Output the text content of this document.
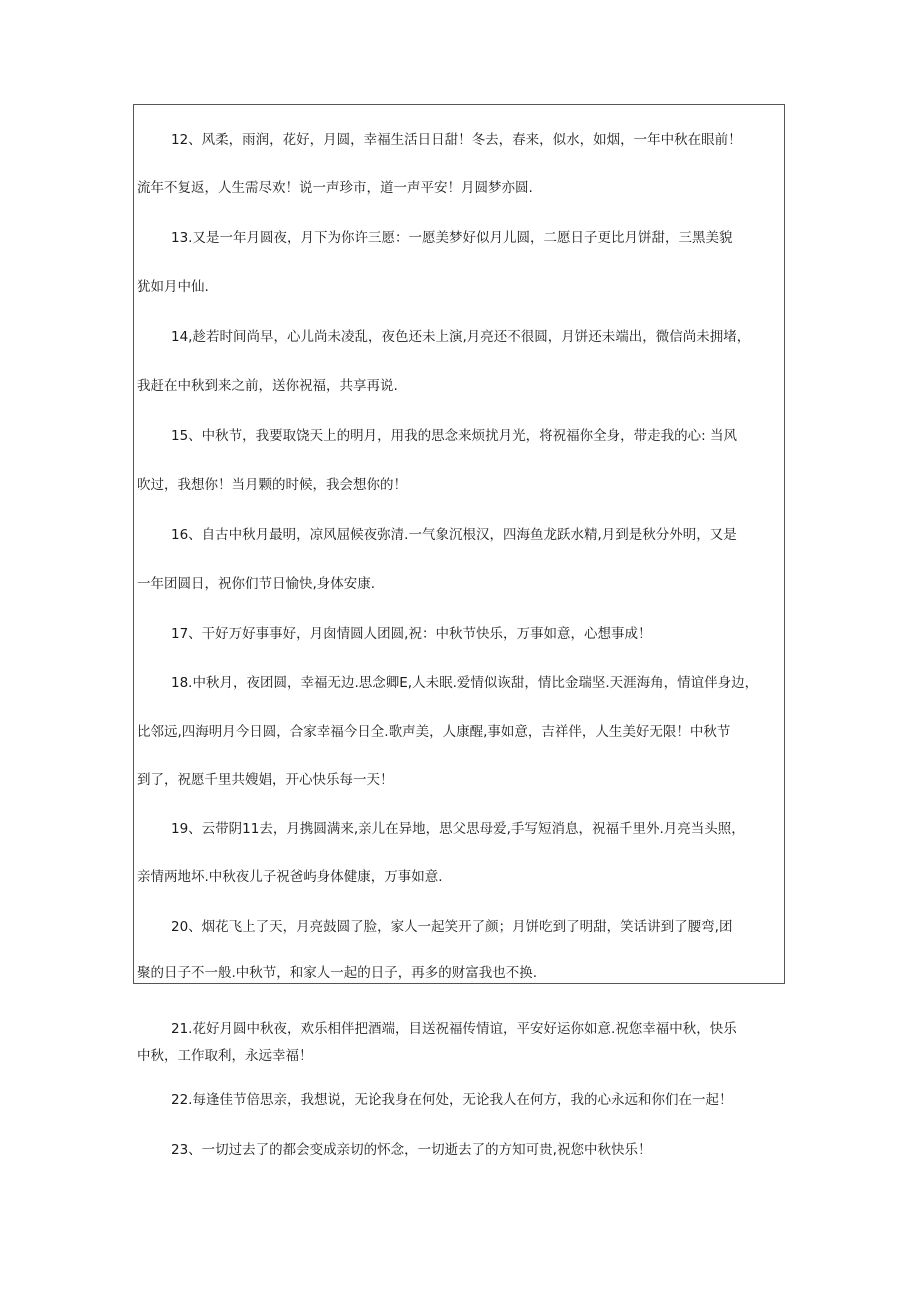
12、风柔，雨润，花好，月圆，幸福生活日日甜！冬去，春来，似水，如烟，一年中秋在眼前！
流年不复返，人生需尽欢！说一声珍市，道一声平安！月圆梦亦圆.
13.又是一年月圆夜，月下为你许三愿：一愿美梦好似月儿圆，二愿日子更比月饼甜，三黑美貌
犹如月中仙.
14,趁若时间尚早，心儿尚未凌乱，夜色还未上演,月亮还不很圆，月饼还未端出，微信尚未拥堵，
我赶在中秋到来之前，送你祝福，共享再说.
15、中秋节，我要取饶天上的明月，用我的思念来烦扰月光，将祝福你全身，带走我的心: 当风
吹过，我想你！当月颗的时候，我会想你的！
16、自古中秋月最明，凉风屈候夜弥清.一气象沉根汉，四海鱼龙跃水精,月到是秋分外明，又是
一年团圆日，祝你们节日愉快,身体安康.
17、干好万好事事好，月囱情圆人团圆,祝：中秋节快乐，万事如意，心想事成！
18.中秋月，夜团圆，幸福无边.思念卿E,人未眠.爱情似诙甜，情比金瑞坚.天涯海角，情谊伴身边，
比邻远,四海明月今日圆，合家幸福今日全.歌声美，人康醒,事如意，吉祥伴，人生美好无限！中秋节
到了，祝愿千里共嫂娼，开心快乐每一天！
19、云带阴11去，月携圆满来,亲儿在异地，思父思母爱,手写短消息，祝福千里外.月亮当头照，
亲情两地坏.中秋夜儿子祝爸屿身体健康，万事如意.
20、烟花飞上了天，月亮鼓圆了脸，家人一起笑开了颜；月饼吃到了明甜，笑话讲到了腰弯,团
聚的日子不一般.中秋节，和家人一起的日子，再多的财富我也不换.
21.花好月圆中秋夜，欢乐相伴把酒端，目送祝福传情谊，平安好运你如意.祝您幸福中秋，快乐
中秋，工作取利，永远幸福！
22.每逢佳节倍思亲，我想说，无论我身在何处，无论我人在何方，我的心永远和你们在一起！
23、一切过去了的都会变成亲切的怀念，一切逝去了的方知可贵,祝您中秋快乐！
